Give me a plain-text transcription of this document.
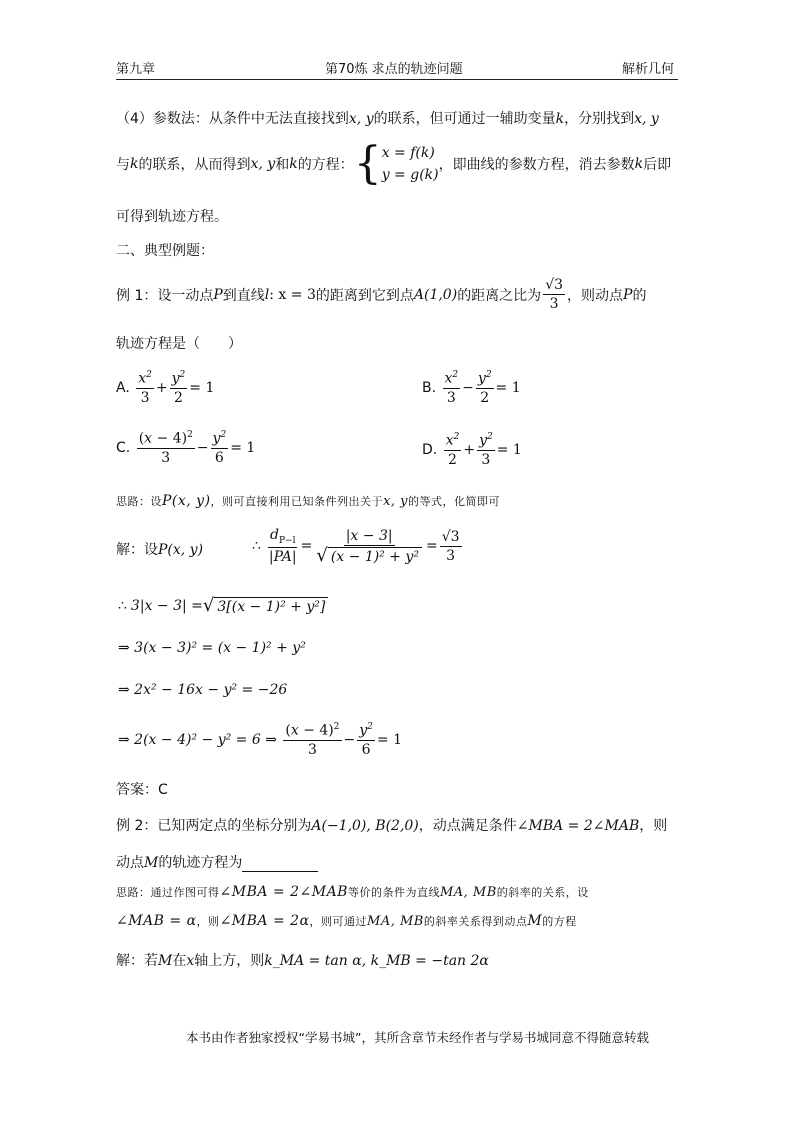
第九章	第70炼 求点的轨迹问题	解析几何
（4）参数法：从条件中无法直接找到x, y的联系，但可通过一辅助变量k，分别找到x, y
与 k 的联系，从而得到 x, y 和 k 的方程： { x = f(k)
y = g(k)
，即曲线的参数方程，消去参数 k 后即
可得到轨迹方程。
二、典型例题：
例 1：设一动点 P 到直线 l : x = 3 的距离到它到点 A(1,0) 的距离之比为 $\frac{√3}{3}$ ，则动点 P 的
轨迹方程是（　　）
A.
$\frac{x^2}{3} + \frac{y^2}{2} = 1$	B.
$\frac{x^2}{3} - \frac{y^2}{2} = 1$
C.
$\frac{(x - 4)^2}{3} - \frac{y^2}{6} = 1$	D.
$\frac{x^2}{2} + \frac{y^2}{3} = 1$
思路：设P(x, y)，则可直接利用已知条件列出关于x, y的等式，化简即可
解：设P(x, y)	∴ $\frac{d_{P-l}}{|PA|} = \frac{|x - 3|}{\text{√ (x − 1)² + y²}} = \frac{√3}{3}$
∴ 3|x − 3| = √ 3[(x − 1)² + y²]
⇒ 3(x − 3)² = (x − 1)² + y²
⇒ 2x² − 16x − y² = −26
⇒ 2(x − 4)² − y² = 6 ⇒
$\frac{(x - 4)^2}{3} - \frac{y^2}{6} = 1$
答案：C
例 2：已知两定点的坐标分别为A(−1,0), B(2,0)，动点满足条件∠MBA = 2∠MAB，则
动点M的轨迹方程为
思路：通过作图可得∠MBA = 2∠MAB等价的条件为直线MA, MB的斜率的关系，设
∠MAB = α，则∠MBA = 2α，则可通过MA, MB的斜率关系得到动点M的方程
解：若M在x轴上方，则k_MA = tan α, k_MB = −tan 2α
本书由作者独家授权“学易书城”，其所含章节未经作者与学易书城同意不得随意转载
